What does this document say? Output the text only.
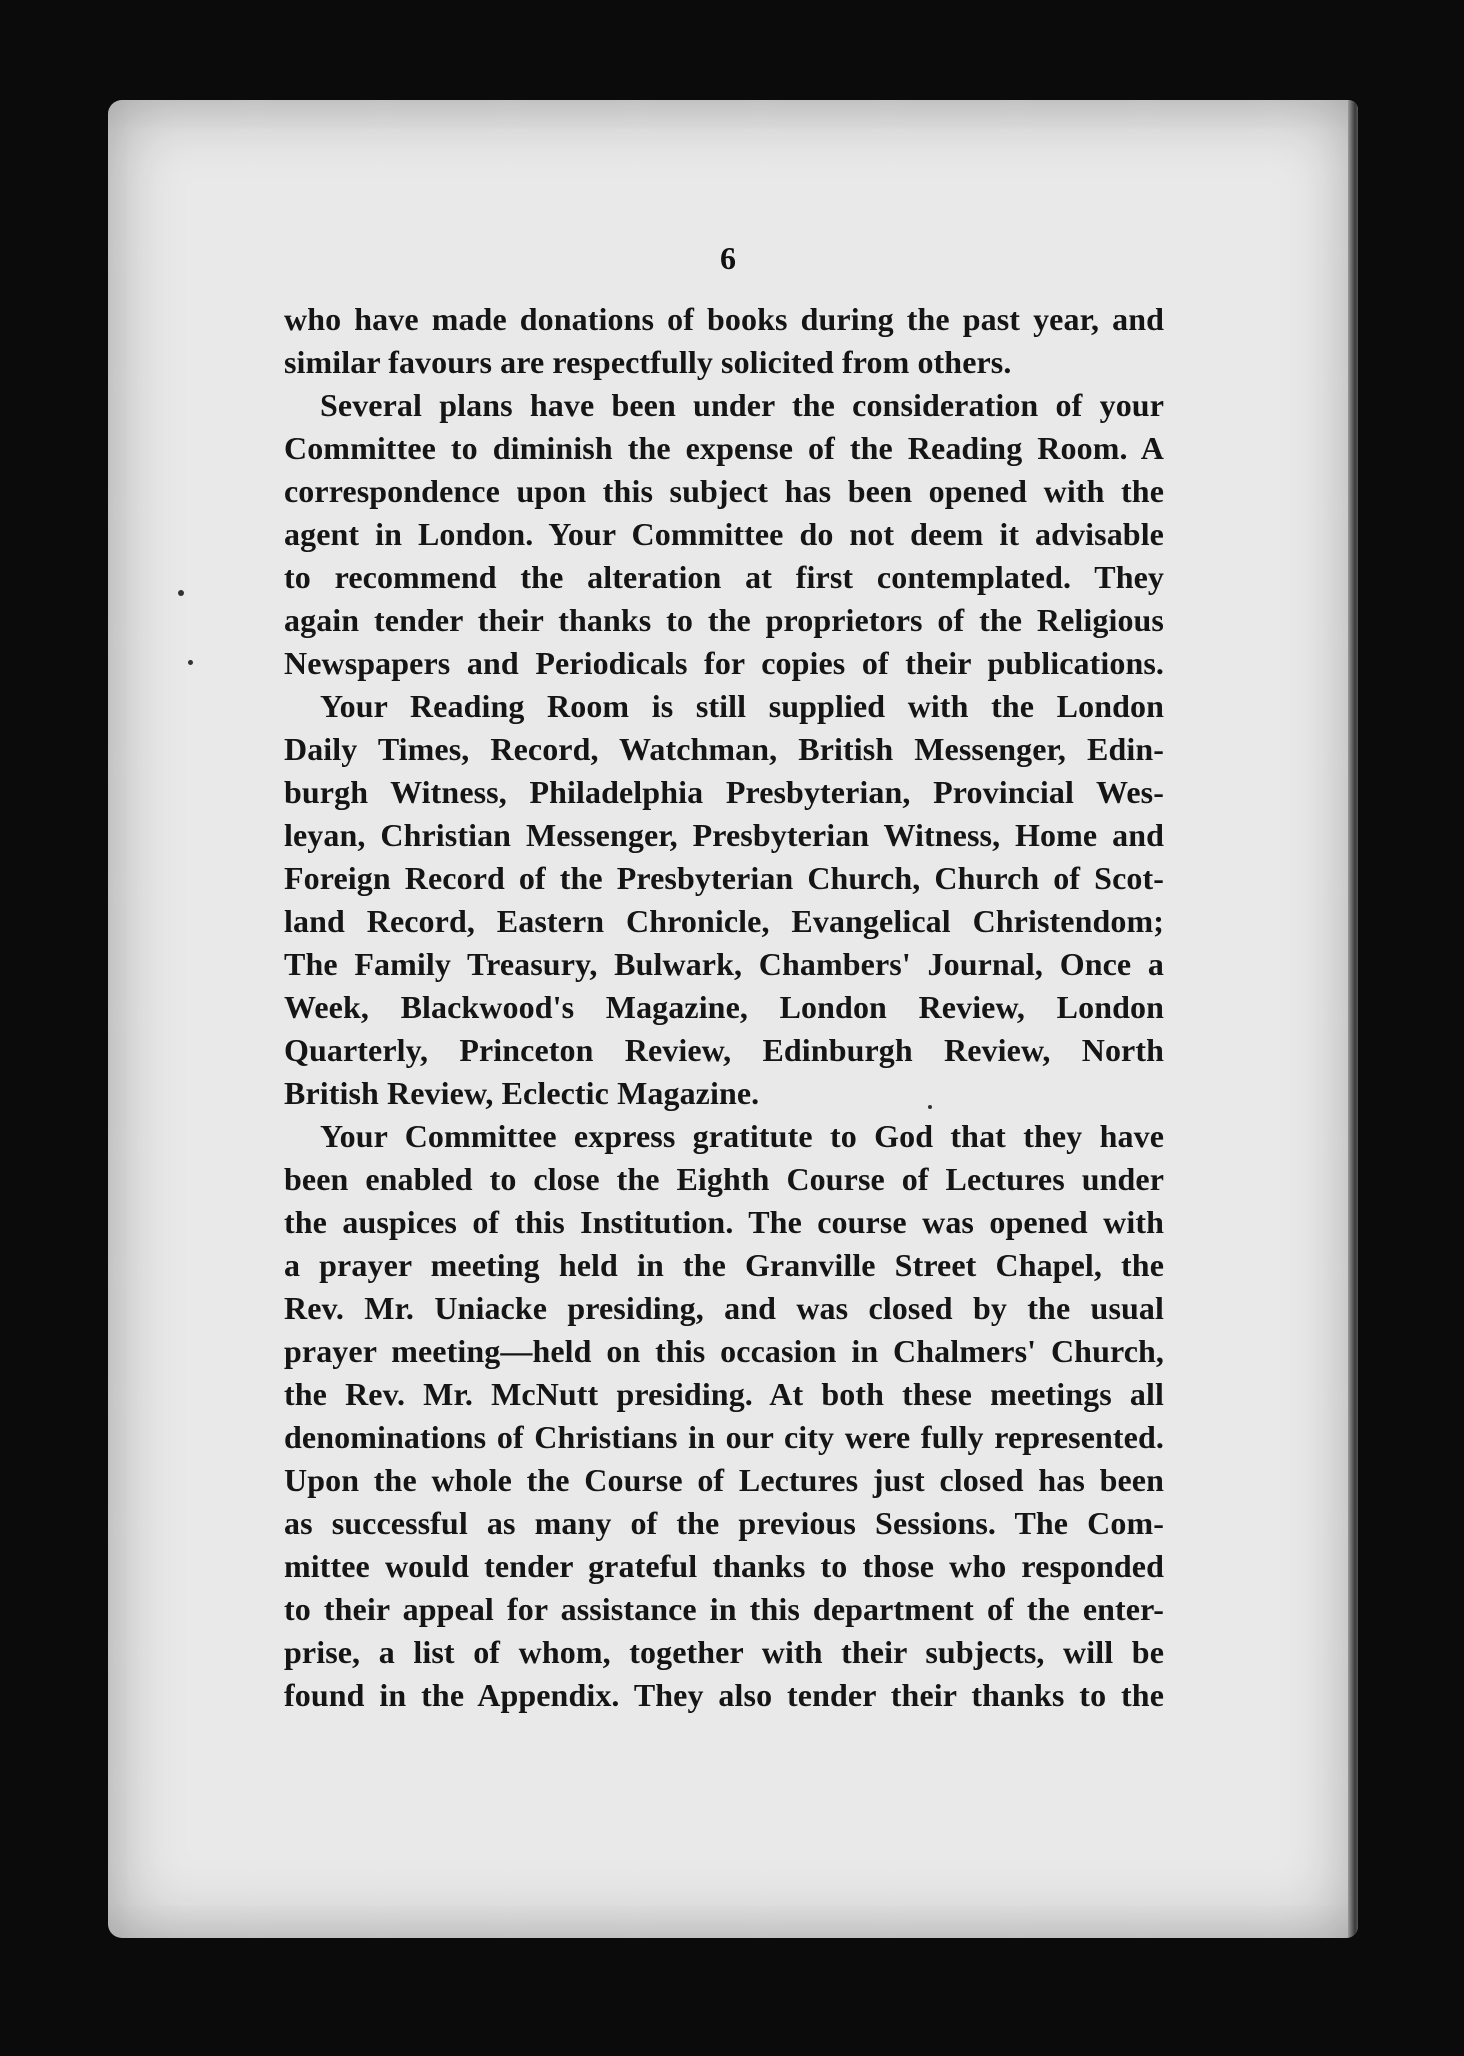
6
who have made donations of books during the past year, and
similar favours are respectfully solicited from others.
Several plans have been under the consideration of your
Committee to diminish the expense of the Reading Room. A
correspondence upon this subject has been opened with the
agent in London. Your Committee do not deem it advisable
to recommend the alteration at first contemplated. They
again tender their thanks to the proprietors of the Religious
Newspapers and Periodicals for copies of their publications.
Your Reading Room is still supplied with the London
Daily Times, Record, Watchman, British Messenger, Edin-
burgh Witness, Philadelphia Presbyterian, Provincial Wes-
leyan, Christian Messenger, Presbyterian Witness, Home and
Foreign Record of the Presbyterian Church, Church of Scot-
land Record, Eastern Chronicle, Evangelical Christendom;
The Family Treasury, Bulwark, Chambers' Journal, Once a
Week, Blackwood's Magazine, London Review, London
Quarterly, Princeton Review, Edinburgh Review, North
British Review, Eclectic Magazine.
Your Committee express gratitute to God that they have
been enabled to close the Eighth Course of Lectures under
the auspices of this Institution. The course was opened with
a prayer meeting held in the Granville Street Chapel, the
Rev. Mr. Uniacke presiding, and was closed by the usual
prayer meeting—held on this occasion in Chalmers' Church,
the Rev. Mr. McNutt presiding. At both these meetings all
denominations of Christians in our city were fully represented.
Upon the whole the Course of Lectures just closed has been
as successful as many of the previous Sessions. The Com-
mittee would tender grateful thanks to those who responded
to their appeal for assistance in this department of the enter-
prise, a list of whom, together with their subjects, will be
found in the Appendix. They also tender their thanks to the
